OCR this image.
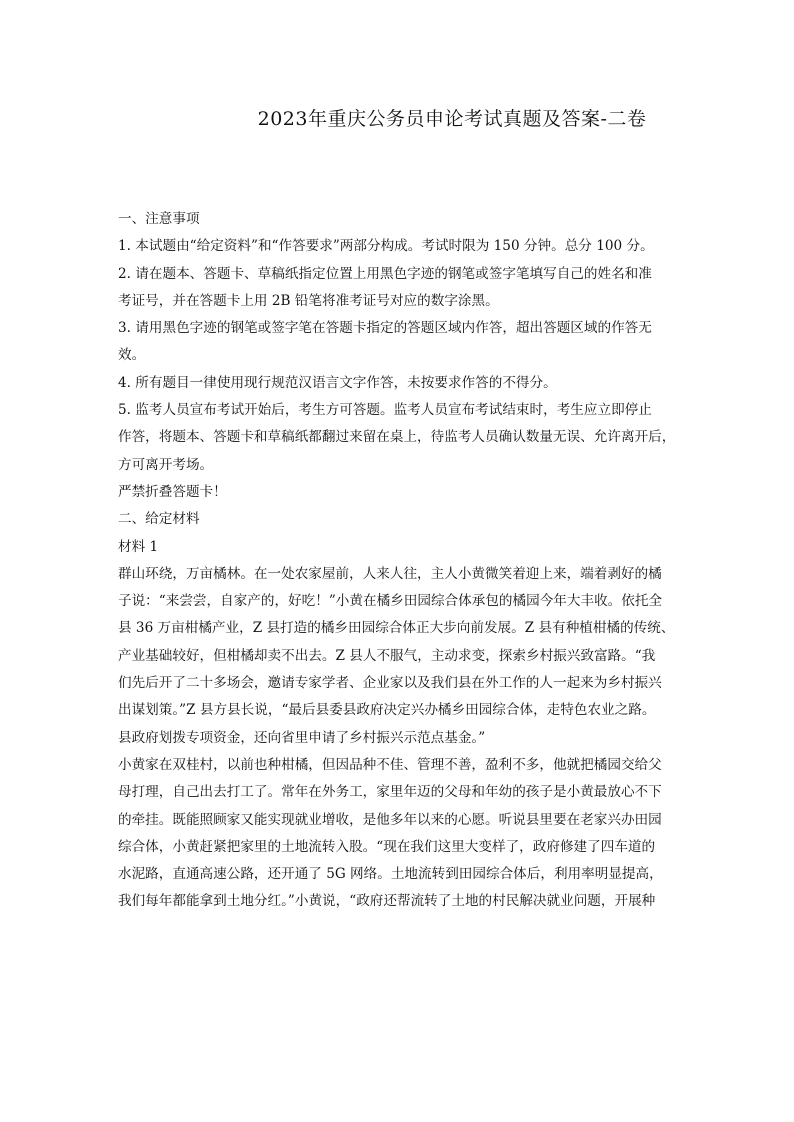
2023年重庆公务员申论考试真题及答案-二卷
一、注意事项
1. 本试题由“给定资料”和“作答要求”两部分构成。考试时限为 150 分钟。总分 100 分。
2. 请在题本、答题卡、草稿纸指定位置上用黑色字迹的钢笔或签字笔填写自己的姓名和准
考证号，并在答题卡上用 2B 铅笔将准考证号对应的数字涂黑。
3. 请用黑色字迹的钢笔或签字笔在答题卡指定的答题区域内作答，超出答题区域的作答无
效。
4. 所有题目一律使用现行规范汉语言文字作答，未按要求作答的不得分。
5. 监考人员宣布考试开始后，考生方可答题。监考人员宣布考试结束时，考生应立即停止
作答，将题本、答题卡和草稿纸都翻过来留在桌上，待监考人员确认数量无误、允许离开后，
方可离开考场。
严禁折叠答题卡！
二、给定材料
材料 1
群山环绕，万亩橘林。在一处农家屋前，人来人往，主人小黄微笑着迎上来，端着剥好的橘
子说：“来尝尝，自家产的，好吃！”小黄在橘乡田园综合体承包的橘园今年大丰收。依托全
县 36 万亩柑橘产业，Z 县打造的橘乡田园综合体正大步向前发展。Z 县有种植柑橘的传统、
产业基础较好，但柑橘却卖不出去。Z 县人不服气，主动求变，探索乡村振兴致富路。“我
们先后开了二十多场会，邀请专家学者、企业家以及我们县在外工作的人一起来为乡村振兴
出谋划策。”Z 县方县长说，“最后县委县政府决定兴办橘乡田园综合体，走特色农业之路。
县政府划拨专项资金，还向省里申请了乡村振兴示范点基金。”
小黄家在双桂村，以前也种柑橘，但因品种不佳、管理不善，盈利不多，他就把橘园交给父
母打理，自己出去打工了。常年在外务工，家里年迈的父母和年幼的孩子是小黄最放心不下
的牵挂。既能照顾家又能实现就业增收，是他多年以来的心愿。听说县里要在老家兴办田园
综合体，小黄赶紧把家里的土地流转入股。“现在我们这里大变样了，政府修建了四车道的
水泥路，直通高速公路，还开通了 5G 网络。土地流转到田园综合体后，利用率明显提高，
我们每年都能拿到土地分红。”小黄说，“政府还帮流转了土地的村民解决就业问题，开展种
